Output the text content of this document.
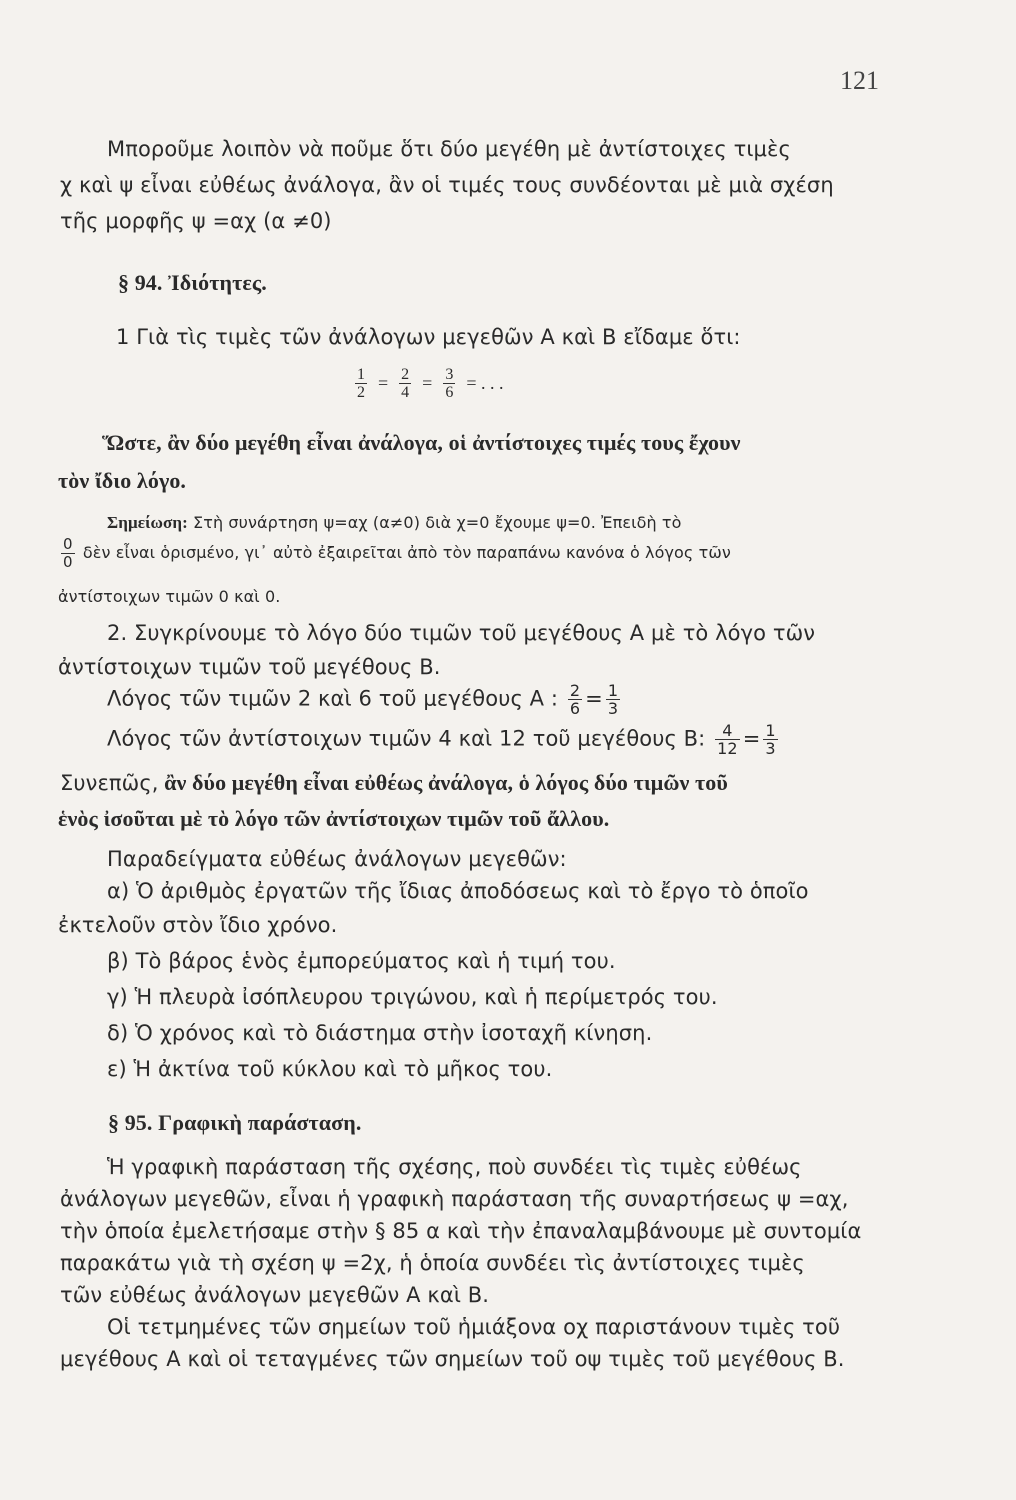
121
Μποροῦμε λοιπὸν νὰ ποῦμε ὅτι δύο μεγέθη μὲ ἀντίστοιχες τιμὲς
χ καὶ ψ εἶναι εὐθέως ἀνάλογα, ἂν οἱ τιμές τους συνδέονται μὲ μιὰ σχέση
τῆς μορφῆς ψ =αχ (α ≠0)
§ 94. Ἰδιότητες.
1 Γιὰ τὶς τιμὲς τῶν ἀνάλογων μεγεθῶν Α καὶ Β εἴδαμε ὅτι:
$\frac{1}{2} = \frac{2}{4} = \frac{3}{6}$ = . . .
Ὥστε, ἂν δύο μεγέθη εἶναι ἀνάλογα, οἱ ἀντίστοιχες τιμές τους ἔχουν
τὸν ἴδιο λόγο.
Σημείωση: Στὴ συνάρτηση ψ=αχ (α≠0) διὰ χ=0 ἔχουμε ψ=0. Ἐπειδὴ τὸ
$\frac{0}{0}$ δὲν εἶναι ὁρισμένο, γι᾽ αὐτὸ ἐξαιρεῖται ἀπὸ τὸν παραπάνω κανόνα ὁ λόγος τῶν
ἀντίστοιχων τιμῶν 0 καὶ 0.
2. Συγκρίνουμε τὸ λόγο δύο τιμῶν τοῦ μεγέθους Α μὲ τὸ λόγο τῶν
ἀντίστοιχων τιμῶν τοῦ μεγέθους Β.
Λόγος τῶν τιμῶν 2 καὶ 6 τοῦ μεγέθους Α : $\frac{2}{6} = \frac{1}{3}$
Λόγος τῶν ἀντίστοιχων τιμῶν 4 καὶ 12 τοῦ μεγέθους Β: $\frac{4}{12} = \frac{1}{3}$
Συνεπῶς, ἂν δύο μεγέθη εἶναι εὐθέως ἀνάλογα, ὁ λόγος δύο τιμῶν τοῦ
ἑνὸς ἰσοῦται μὲ τὸ λόγο τῶν ἀντίστοιχων τιμῶν τοῦ ἄλλου.
Παραδείγματα εὐθέως ἀνάλογων μεγεθῶν:
α) Ὁ ἀριθμὸς ἐργατῶν τῆς ἴδιας ἀποδόσεως καὶ τὸ ἔργο τὸ ὁποῖο
ἐκτελοῦν στὸν ἴδιο χρόνο.
β) Τὸ βάρος ἑνὸς ἐμπορεύματος καὶ ἡ τιμή του.
γ) Ἡ πλευρὰ ἰσόπλευρου τριγώνου, καὶ ἡ περίμετρός του.
δ) Ὁ χρόνος καὶ τὸ διάστημα στὴν ἰσοταχῆ κίνηση.
ε) Ἡ ἀκτίνα τοῦ κύκλου καὶ τὸ μῆκος του.
§ 95. Γραφικὴ παράσταση.
Ἡ γραφικὴ παράσταση τῆς σχέσης, ποὺ συνδέει τὶς τιμὲς εὐθέως
ἀνάλογων μεγεθῶν, εἶναι ἡ γραφικὴ παράσταση τῆς συναρτήσεως ψ =αχ,
τὴν ὁποία ἐμελετήσαμε στὴν § 85 α καὶ τὴν ἐπαναλαμβάνουμε μὲ συντομία
παρακάτω γιὰ τὴ σχέση ψ =2χ, ἡ ὁποία συνδέει τὶς ἀντίστοιχες τιμὲς
τῶν εὐθέως ἀνάλογων μεγεθῶν Α καὶ Β.
Οἱ τετμημένες τῶν σημείων τοῦ ἡμιάξονα οχ παριστάνουν τιμὲς τοῦ
μεγέθους Α καὶ οἱ τεταγμένες τῶν σημείων τοῦ οψ τιμὲς τοῦ μεγέθους Β.
